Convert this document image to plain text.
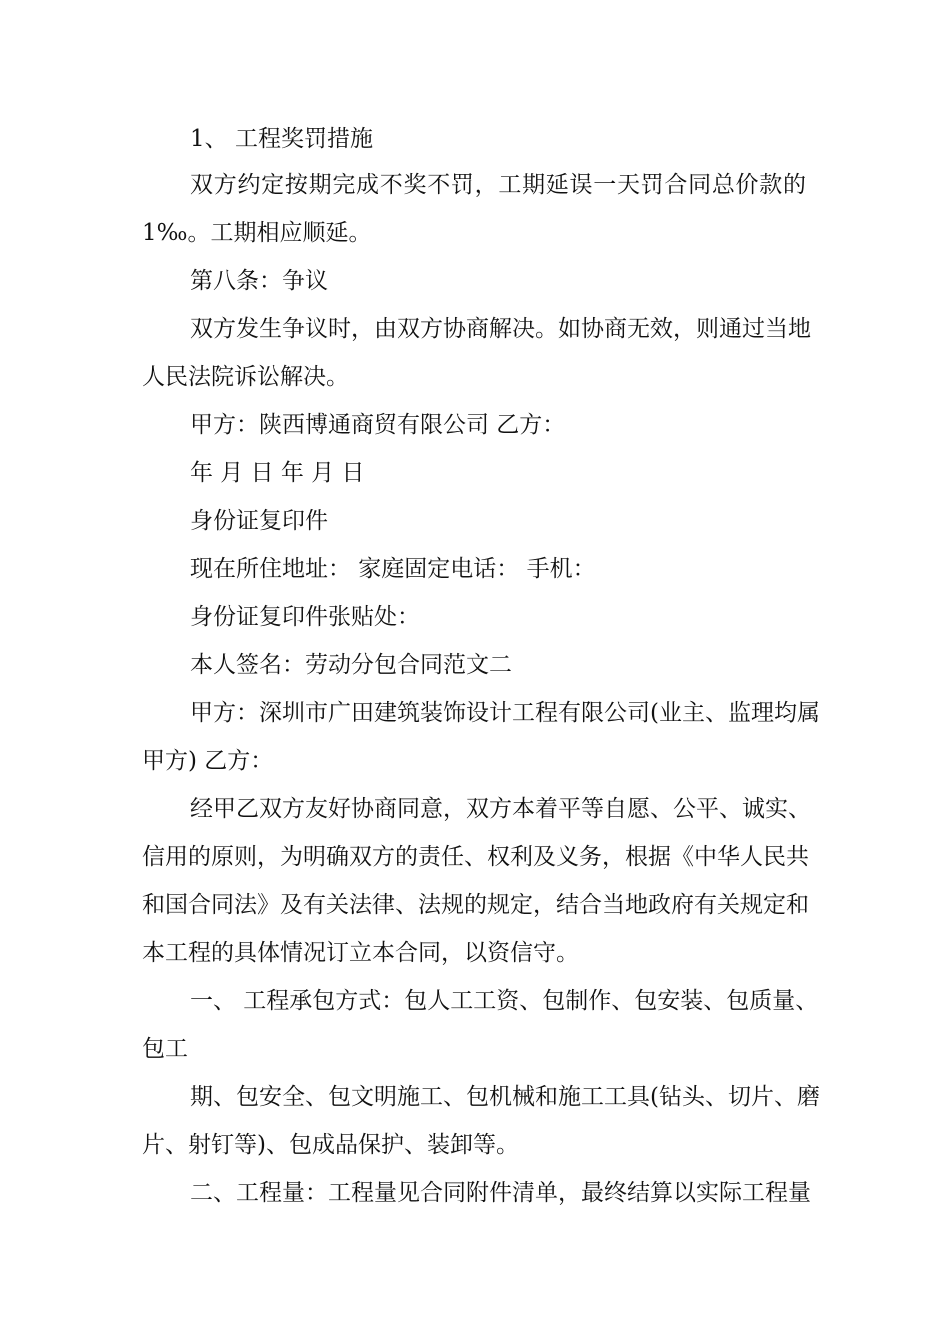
1、 工程奖罚措施
双方约定按期完成不奖不罚，工期延误一天罚合同总价款的
1‰。工期相应顺延。
第八条：争议
双方发生争议时，由双方协商解决。如协商无效，则通过当地
人民法院诉讼解决。
甲方：陕西博通商贸有限公司 乙方：
年 月 日 年 月 日
身份证复印件
现在所住地址： 家庭固定电话： 手机：
身份证复印件张贴处：
本人签名：劳动分包合同范文二
甲方：深圳市广田建筑装饰设计工程有限公司(业主、监理均属
甲方) 乙方：
经甲乙双方友好协商同意，双方本着平等自愿、公平、诚实、
信用的原则，为明确双方的责任、权利及义务，根据《中华人民共
和国合同法》及有关法律、法规的规定，结合当地政府有关规定和
本工程的具体情况订立本合同，以资信守。
一、 工程承包方式：包人工工资、包制作、包安装、包质量、
包工
期、包安全、包文明施工、包机械和施工工具(钻头、切片、磨
片、射钉等)、包成品保护、装卸等。
二、工程量：工程量见合同附件清单，最终结算以实际工程量
